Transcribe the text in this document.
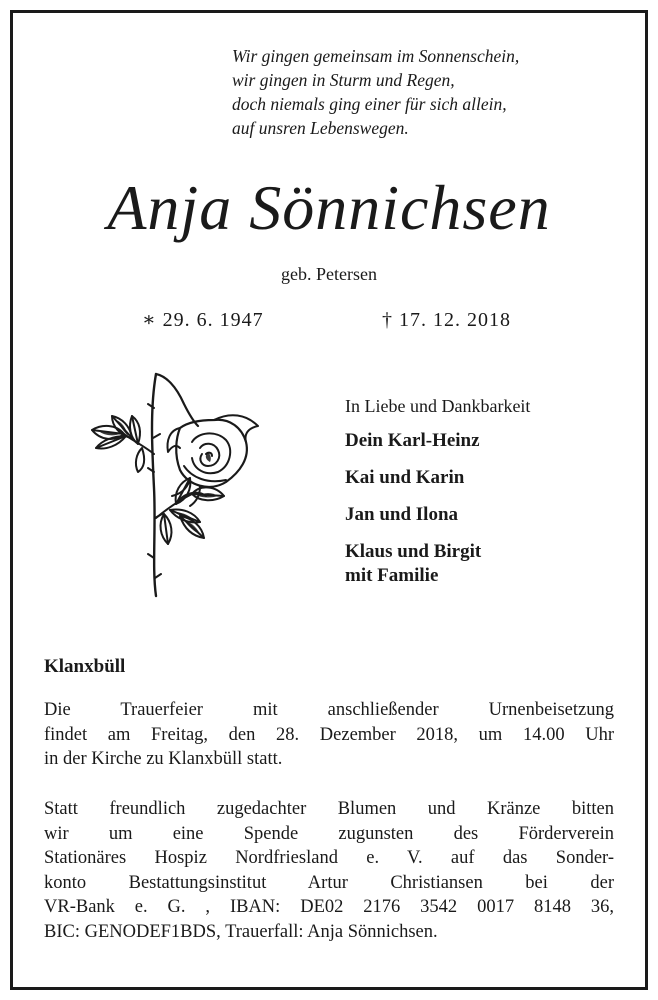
Wir gingen gemeinsam im Sonnenschein,
wir gingen in Sturm und Regen,
doch niemals ging einer für sich allein,
auf unsren Lebenswegen.
Anja Sönnichsen
geb. Petersen
∗ 29. 6. 1947	† 17. 12. 2018
In Liebe und Dankbarkeit
Dein Karl-Heinz
Kai und Karin
Jan und Ilona
Klaus und Birgit
mit Familie
Klanxbüll
Die Trauerfeier mit anschließender Urnenbeisetzung
findet am Freitag, den 28. Dezember 2018, um 14.00 Uhr
in der Kirche zu Klanxbüll statt.
Statt freundlich zugedachter Blumen und Kränze bitten
wir um eine Spende zugunsten des Förderverein
Stationäres Hospiz Nordfriesland e. V. auf das Sonder-
konto Bestattungsinstitut Artur Christiansen bei der
VR-Bank e. G. , IBAN: DE02 2176 3542 0017 8148 36,
BIC: GENODEF1BDS, Trauerfall: Anja Sönnichsen.
